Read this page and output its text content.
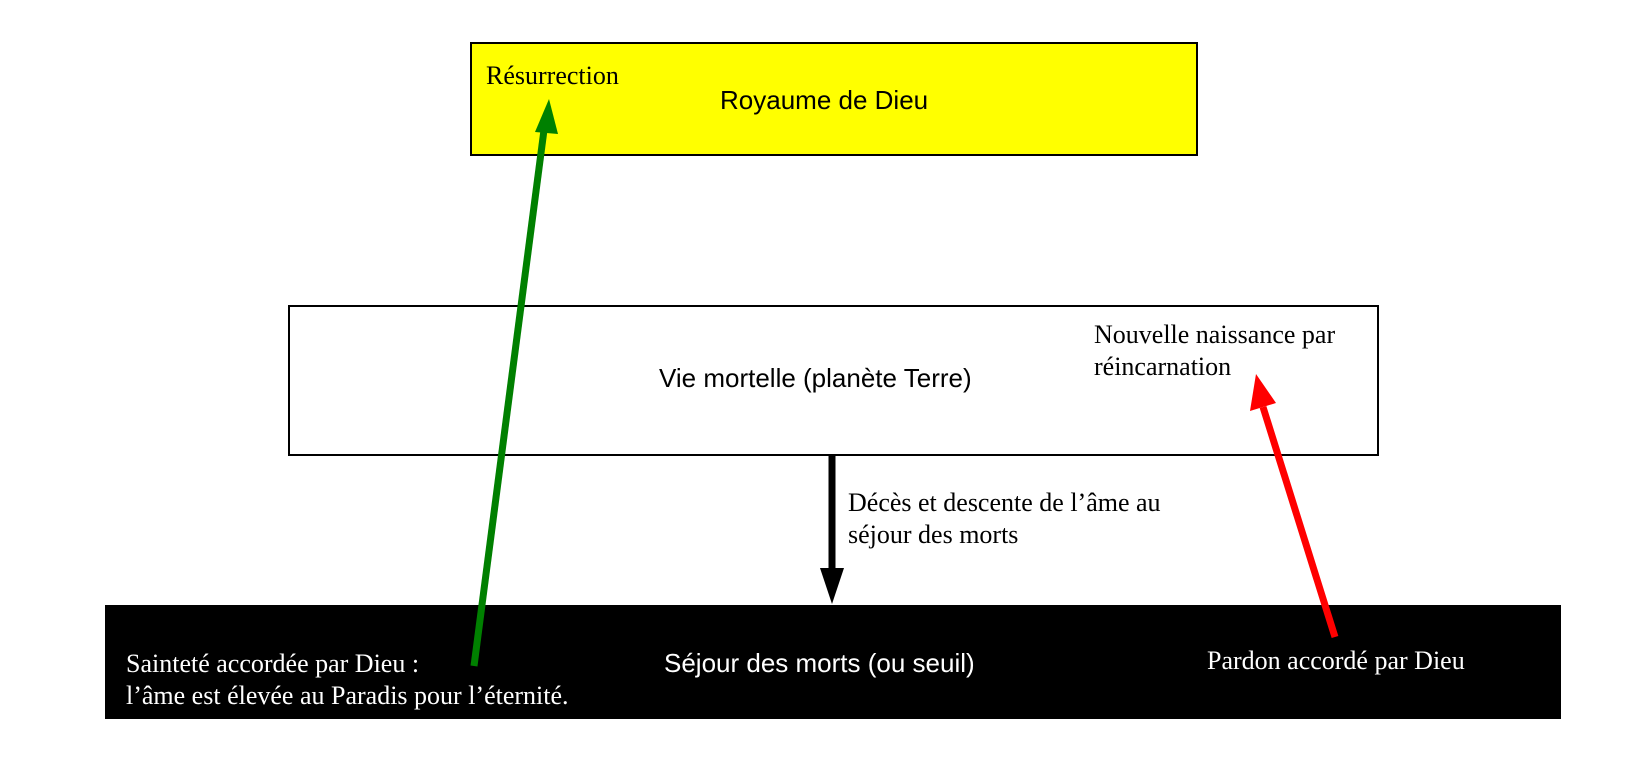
Royaume de Dieu
Vie mortelle (planète Terre)
Séjour des morts (ou seuil)
Résurrection
Nouvelle naissance par
réincarnation
Décès et descente de l’âme au
séjour des morts
Sainteté accordée par Dieu :
l’âme est élevée au Paradis pour l’éternité.
Pardon accordé par Dieu
